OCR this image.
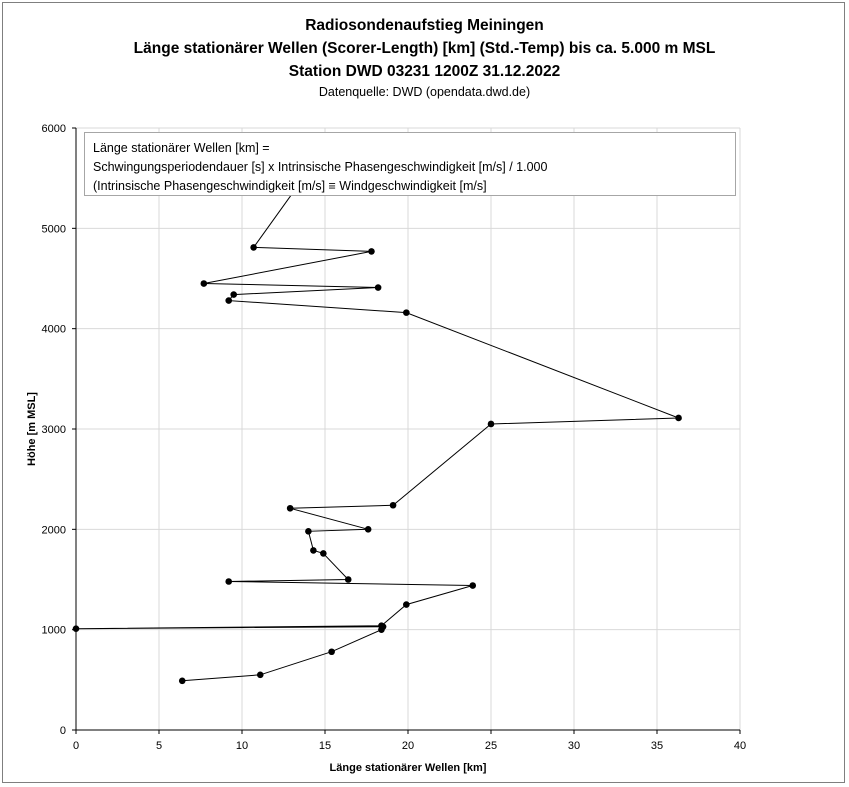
Radiosondenaufstieg Meiningen
Länge stationärer Wellen (Scorer-Length) [km] (Std.-Temp) bis ca. 5.000 m MSL
Station DWD 03231 1200Z 31.12.2022
Datenquelle: DWD (opendata.dwd.de)
0	5	10	15	20	25	30	35	40
0
1000
2000
3000
4000
5000
6000
Länge stationärer Wellen [km]
Höhe [m MSL]
Länge stationärer Wellen [km] =
Schwingungsperiodendauer [s] x Intrinsische Phasengeschwindigkeit [m/s] / 1.000
(Intrinsische Phasengeschwindigkeit [m/s] ≡ Windgeschwindigkeit [m/s]
